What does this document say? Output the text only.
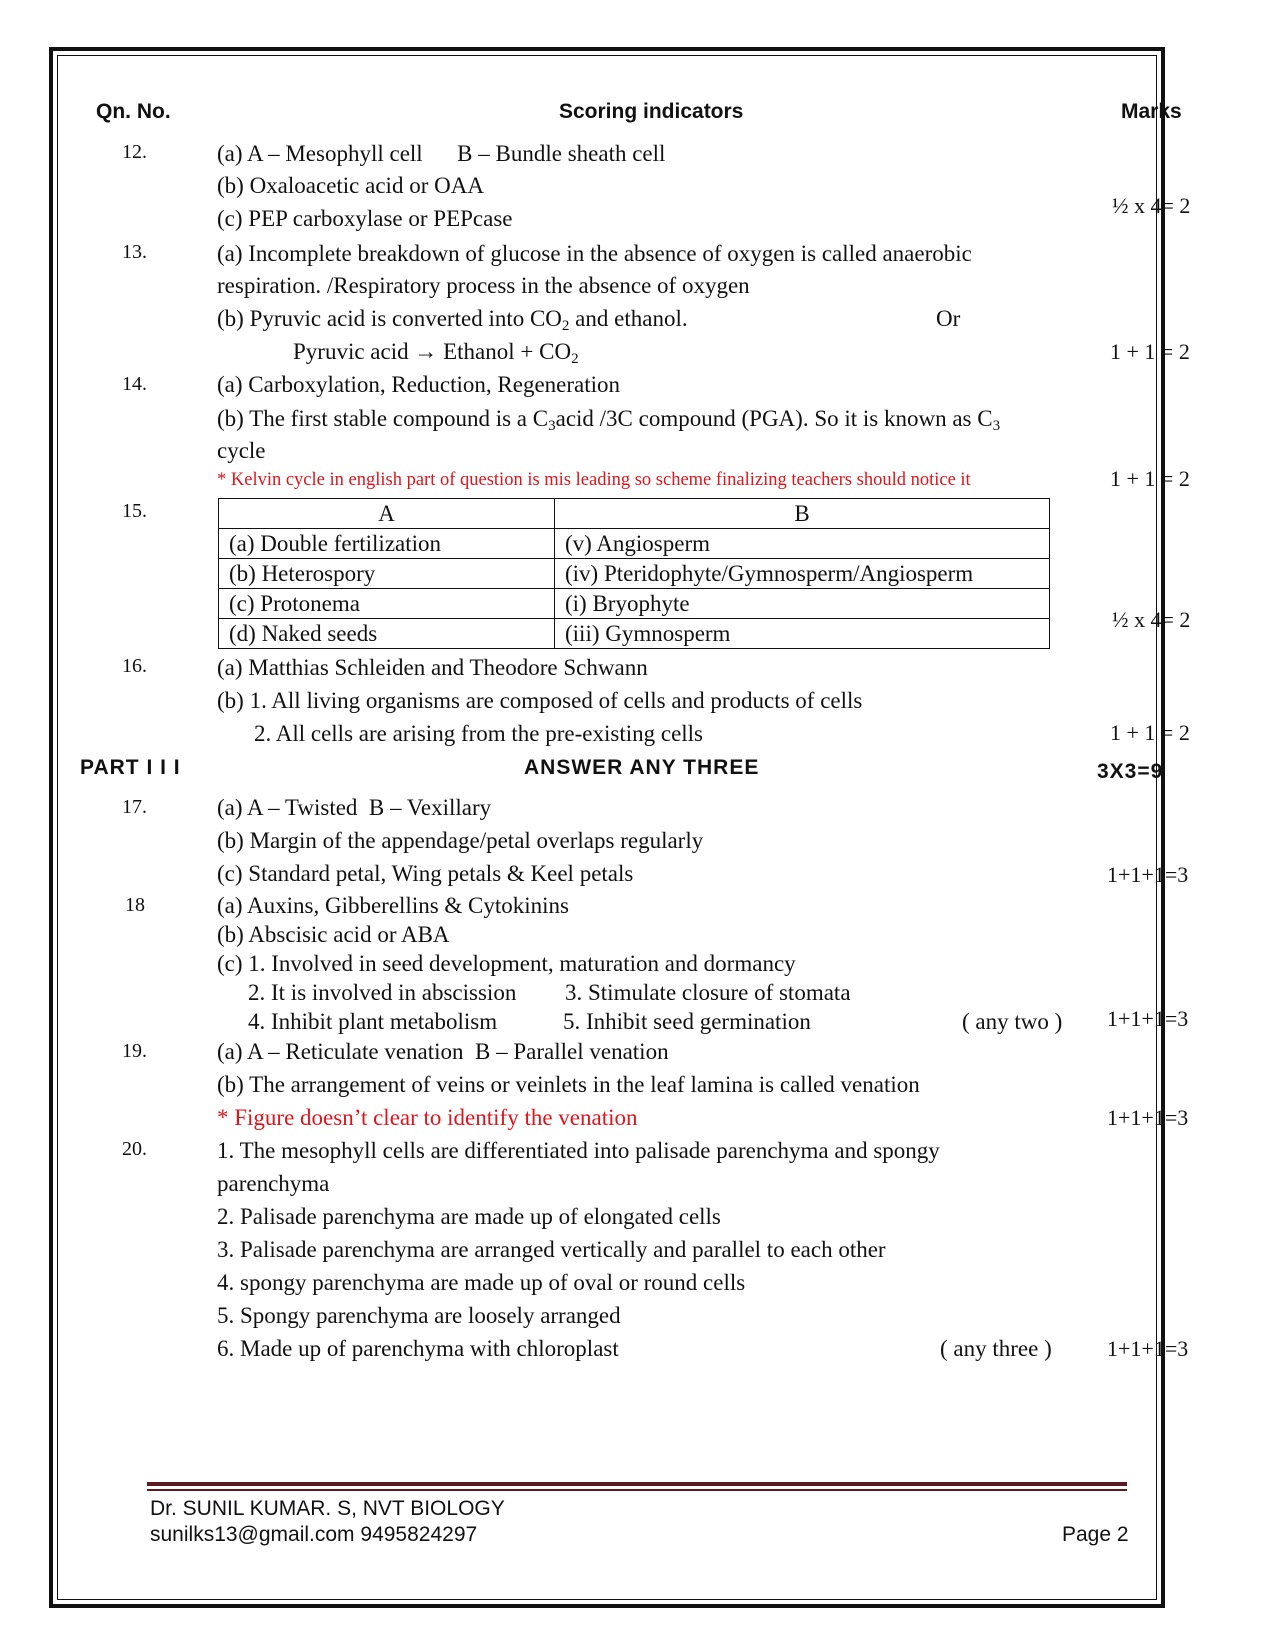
Qn. No.	Scoring indicators	Marks
12.	(a) A – Mesophyll cell      B – Bundle sheath cell
(b) Oxaloacetic acid or OAA
(c) PEP carboxylase or PEPcase
½ x 4= 2
13.	(a) Incomplete breakdown of glucose in the absence of oxygen is called anaerobic
respiration. /Respiratory process in the absence of oxygen
(b) Pyruvic acid is converted into $CO_2$ and ethanol.	Or
Pyruvic acid → Ethanol + $CO_2$	1 + 1 = 2
14.	(a) Carboxylation, Reduction, Regeneration
(b) The first stable compound is a $C_3acid$ /3C compound (PGA). So it is known as $C_3$
cycle
* Kelvin cycle in english part of question is mis leading so scheme finalizing teachers should notice it	1 + 1 = 2
15.	A	B
(a) Double fertilization	(v) Angiosperm
(b) Heterospory	(iv) Pteridophyte/Gymnosperm/Angiosperm
(c) Protonema	(i) Bryophyte
(d) Naked seeds	(iii) Gymnosperm
½ x 4= 2
16.	(a) Matthias Schleiden and Theodore Schwann
(b) 1. All living organisms are composed of cells and products of cells
2. All cells are arising from the pre-existing cells	1 + 1 = 2
PART I I I	ANSWER ANY THREE	3X3=9
17.	(a) A – Twisted  B – Vexillary
(b) Margin of the appendage/petal overlaps regularly
(c) Standard petal, Wing petals & Keel petals	1+1+1=3
18	(a) Auxins, Gibberellins & Cytokinins
(b) Abscisic acid or ABA
(c) 1. Involved in seed development, maturation and dormancy
2. It is involved in abscission 3. Stimulate closure of stomata
4. Inhibit plant metabolism	5. Inhibit seed germination	( any two ) 1+1+1=3
19.	(a) A – Reticulate venation  B – Parallel venation
(b) The arrangement of veins or veinlets in the leaf lamina is called venation
* Figure doesn’t clear to identify the venation	1+1+1=3
20.	1. The mesophyll cells are differentiated into palisade parenchyma and spongy
parenchyma
2. Palisade parenchyma are made up of elongated cells
3. Palisade parenchyma are arranged vertically and parallel to each other
4. spongy parenchyma are made up of oval or round cells
5. Spongy parenchyma are loosely arranged
6. Made up of parenchyma with chloroplast	( any three )	1+1+1=3
Dr. SUNIL KUMAR. S, NVT BIOLOGY
sunilks13@gmail.com 9495824297	Page 2
